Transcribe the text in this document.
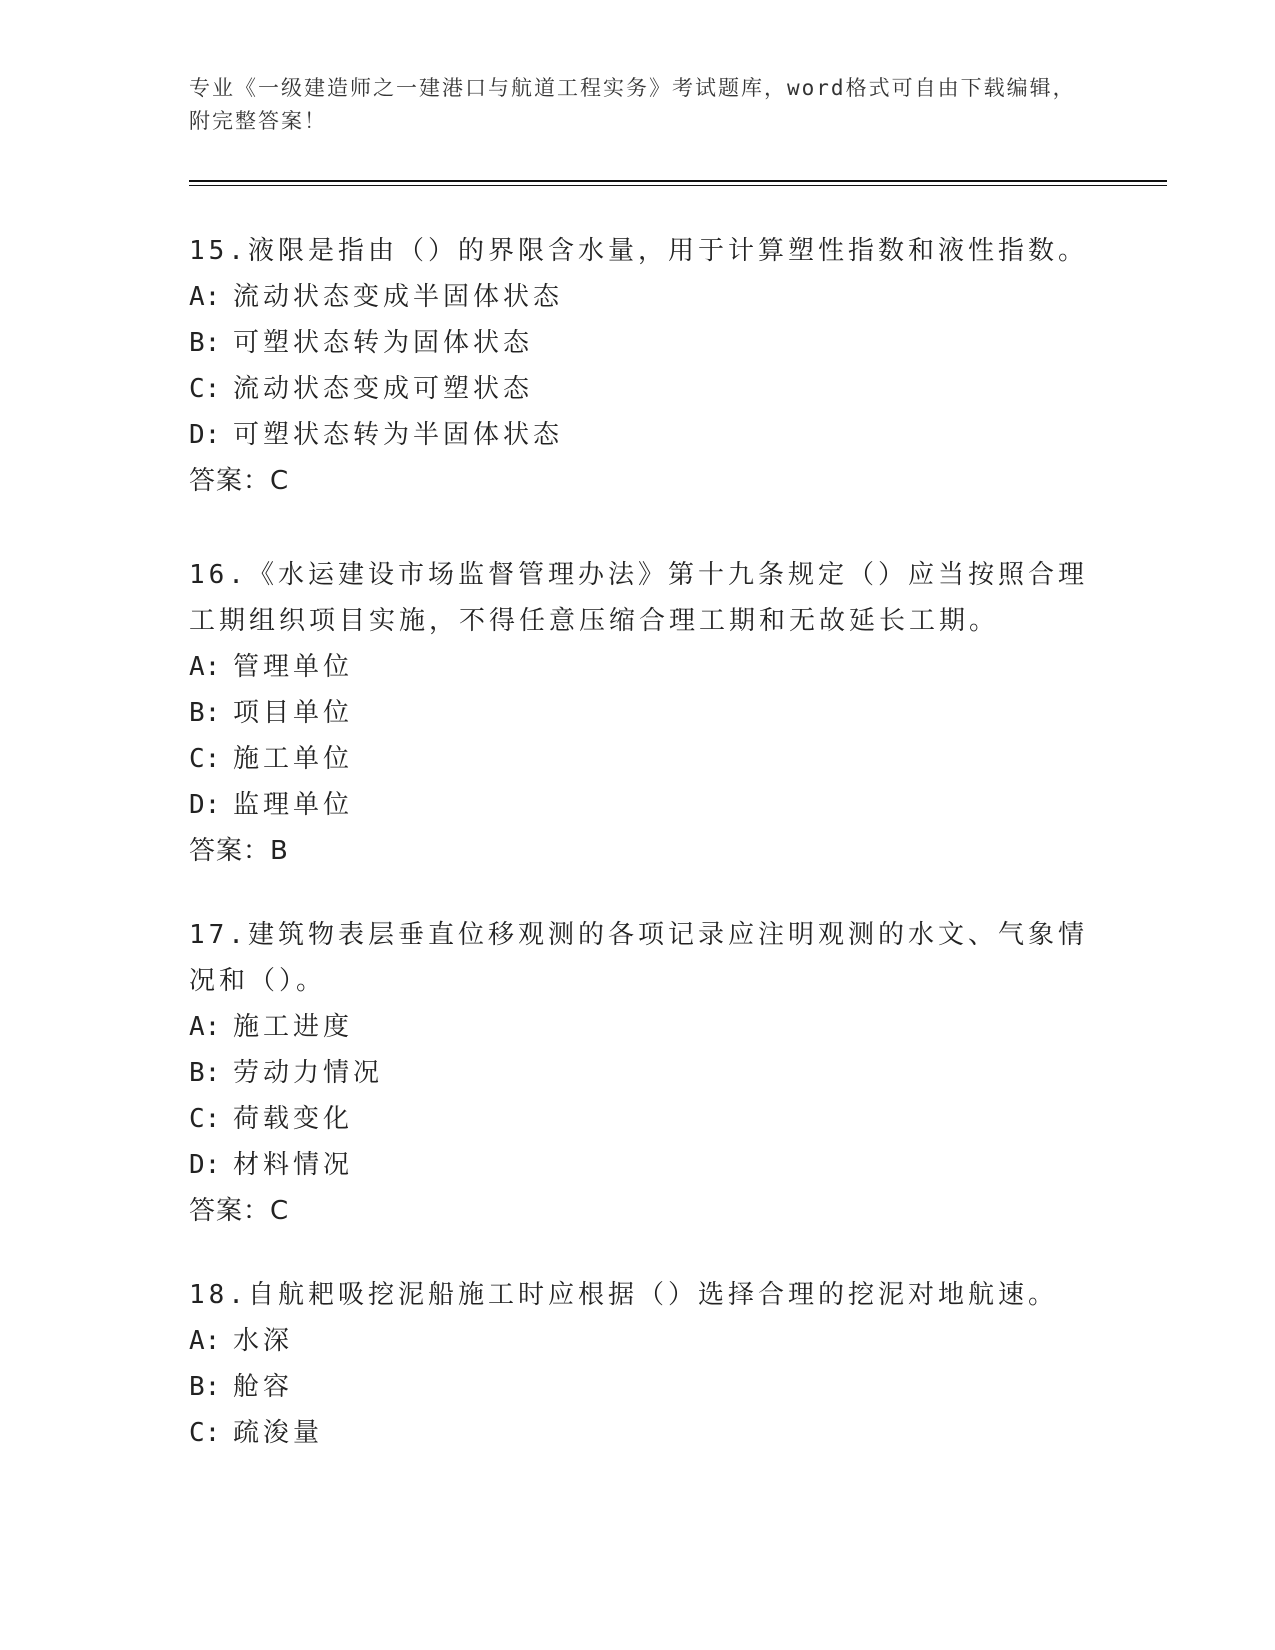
专业《一级建造师之一建港口与航道工程实务》考试题库，word格式可自由下载编辑，附完整答案！
15.液限是指由（）的界限含水量，用于计算塑性指数和液性指数。
A: 流动状态变成半固体状态
B: 可塑状态转为固体状态
C: 流动状态变成可塑状态
D: 可塑状态转为半固体状态
答案：C
16.《水运建设市场监督管理办法》第十九条规定（）应当按照合理工期组织项目实施，不得任意压缩合理工期和无故延长工期。
A: 管理单位
B: 项目单位
C: 施工单位
D: 监理单位
答案：B
17.建筑物表层垂直位移观测的各项记录应注明观测的水文、气象情况和（）。
A: 施工进度
B: 劳动力情况
C: 荷载变化
D: 材料情况
答案：C
18.自航耙吸挖泥船施工时应根据（）选择合理的挖泥对地航速。
A: 水深
B: 舱容
C: 疏浚量
